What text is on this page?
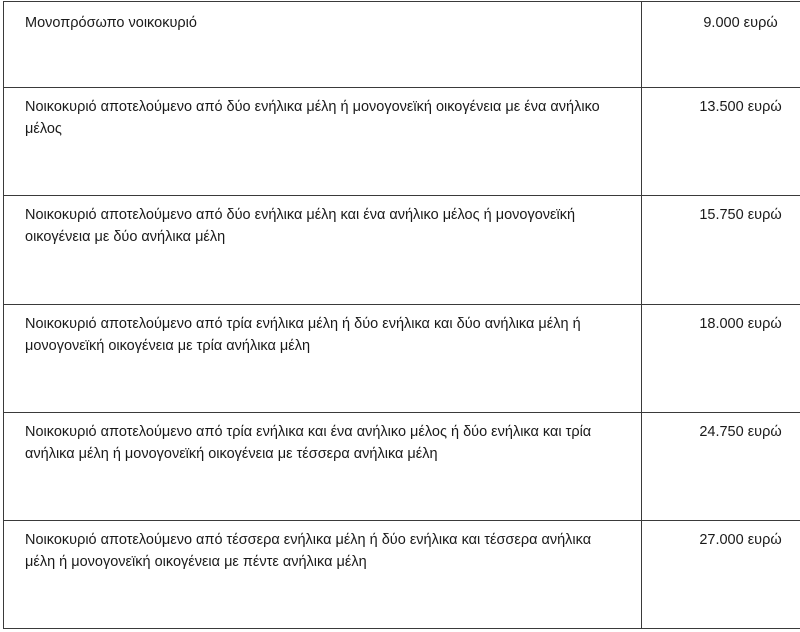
Μονοπρόσωπο νοικοκυριό	9.000 ευρώ
Νοικοκυριό αποτελούμενο από δύο ενήλικα μέλη ή μονογονεϊκή οικογένεια με ένα ανήλικο μέλος	13.500 ευρώ
Νοικοκυριό αποτελούμενο από δύο ενήλικα μέλη και ένα ανήλικο μέλος ή μονογονεϊκή οικογένεια με δύο ανήλικα μέλη	15.750 ευρώ
Νοικοκυριό αποτελούμενο από τρία ενήλικα μέλη ή δύο ενήλικα και δύο ανήλικα μέλη ή μονογονεϊκή οικογένεια με τρία ανήλικα μέλη	18.000 ευρώ
Νοικοκυριό αποτελούμενο από τρία ενήλικα και ένα ανήλικο μέλος ή δύο ενήλικα και τρία ανήλικα μέλη ή μονογονεϊκή οικογένεια με τέσσερα ανήλικα μέλη	24.750 ευρώ
Νοικοκυριό αποτελούμενο από τέσσερα ενήλικα μέλη ή δύο ενήλικα και τέσσερα ανήλικα μέλη ή μονογονεϊκή οικογένεια με πέντε ανήλικα μέλη	27.000 ευρώ
